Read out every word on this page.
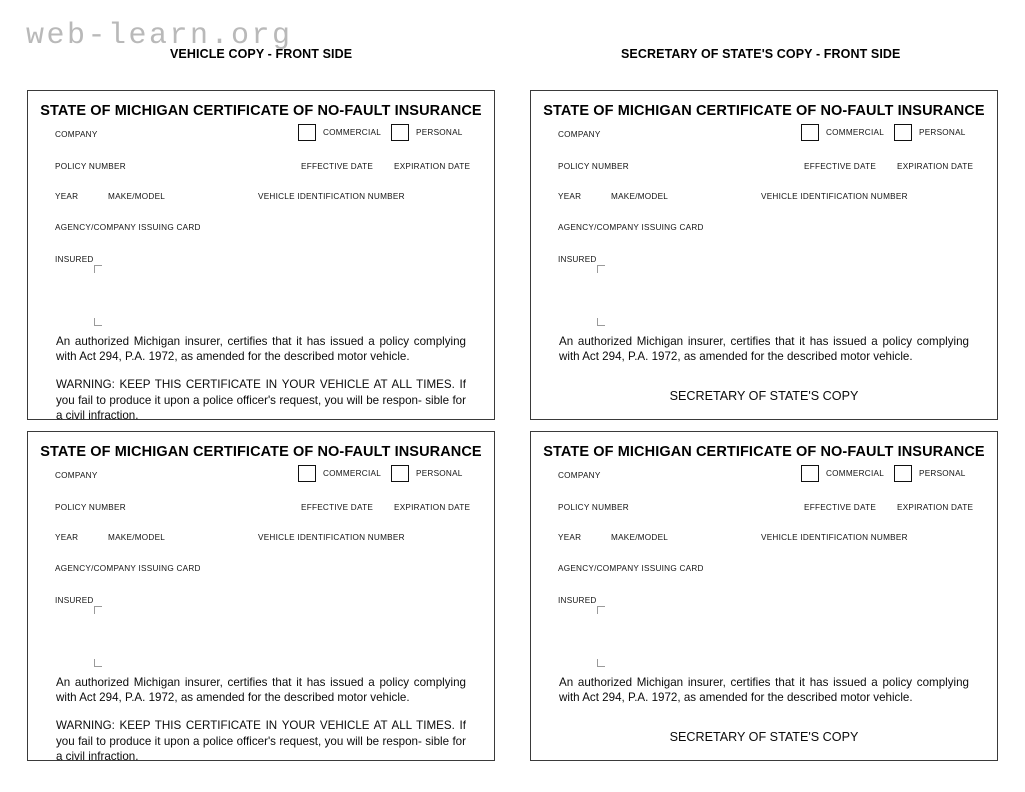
web-learn.org
VEHICLE COPY - FRONT SIDE	SECRETARY OF STATE'S COPY - FRONT SIDE
STATE OF MICHIGAN CERTIFICATE OF NO-FAULT INSURANCE
COMPANY	COMMERCIAL	PERSONAL
POLICY NUMBER	EFFECTIVE DATE	EXPIRATION DATE
YEAR	MAKE/MODEL	VEHICLE IDENTIFICATION NUMBER
AGENCY/COMPANY ISSUING CARD
INSURED

An authorized Michigan insurer, certifies that it has issued a policy complying with Act 294, P.A. 1972, as amended for the described motor vehicle.

WARNING: KEEP THIS CERTIFICATE IN YOUR VEHICLE AT ALL TIMES. If you fail to produce it upon a police officer's request, you will be respon- sible for a civil infraction.

STATE OF MICHIGAN CERTIFICATE OF NO-FAULT INSURANCE
COMPANY	COMMERCIAL	PERSONAL
POLICY NUMBER	EFFECTIVE DATE	EXPIRATION DATE
YEAR	MAKE/MODEL	VEHICLE IDENTIFICATION NUMBER
AGENCY/COMPANY ISSUING CARD
INSURED

An authorized Michigan insurer, certifies that it has issued a policy complying with Act 294, P.A. 1972, as amended for the described motor vehicle.

SECRETARY OF STATE'S COPY
STATE OF MICHIGAN CERTIFICATE OF NO-FAULT INSURANCE
COMPANY	COMMERCIAL	PERSONAL
POLICY NUMBER	EFFECTIVE DATE	EXPIRATION DATE
YEAR	MAKE/MODEL	VEHICLE IDENTIFICATION NUMBER
AGENCY/COMPANY ISSUING CARD
INSURED

An authorized Michigan insurer, certifies that it has issued a policy complying with Act 294, P.A. 1972, as amended for the described motor vehicle.

WARNING: KEEP THIS CERTIFICATE IN YOUR VEHICLE AT ALL TIMES. If you fail to produce it upon a police officer's request, you will be respon- sible for a civil infraction.

STATE OF MICHIGAN CERTIFICATE OF NO-FAULT INSURANCE
COMPANY	COMMERCIAL	PERSONAL
POLICY NUMBER	EFFECTIVE DATE	EXPIRATION DATE
YEAR	MAKE/MODEL	VEHICLE IDENTIFICATION NUMBER
AGENCY/COMPANY ISSUING CARD
INSURED

An authorized Michigan insurer, certifies that it has issued a policy complying with Act 294, P.A. 1972, as amended for the described motor vehicle.

SECRETARY OF STATE'S COPY
